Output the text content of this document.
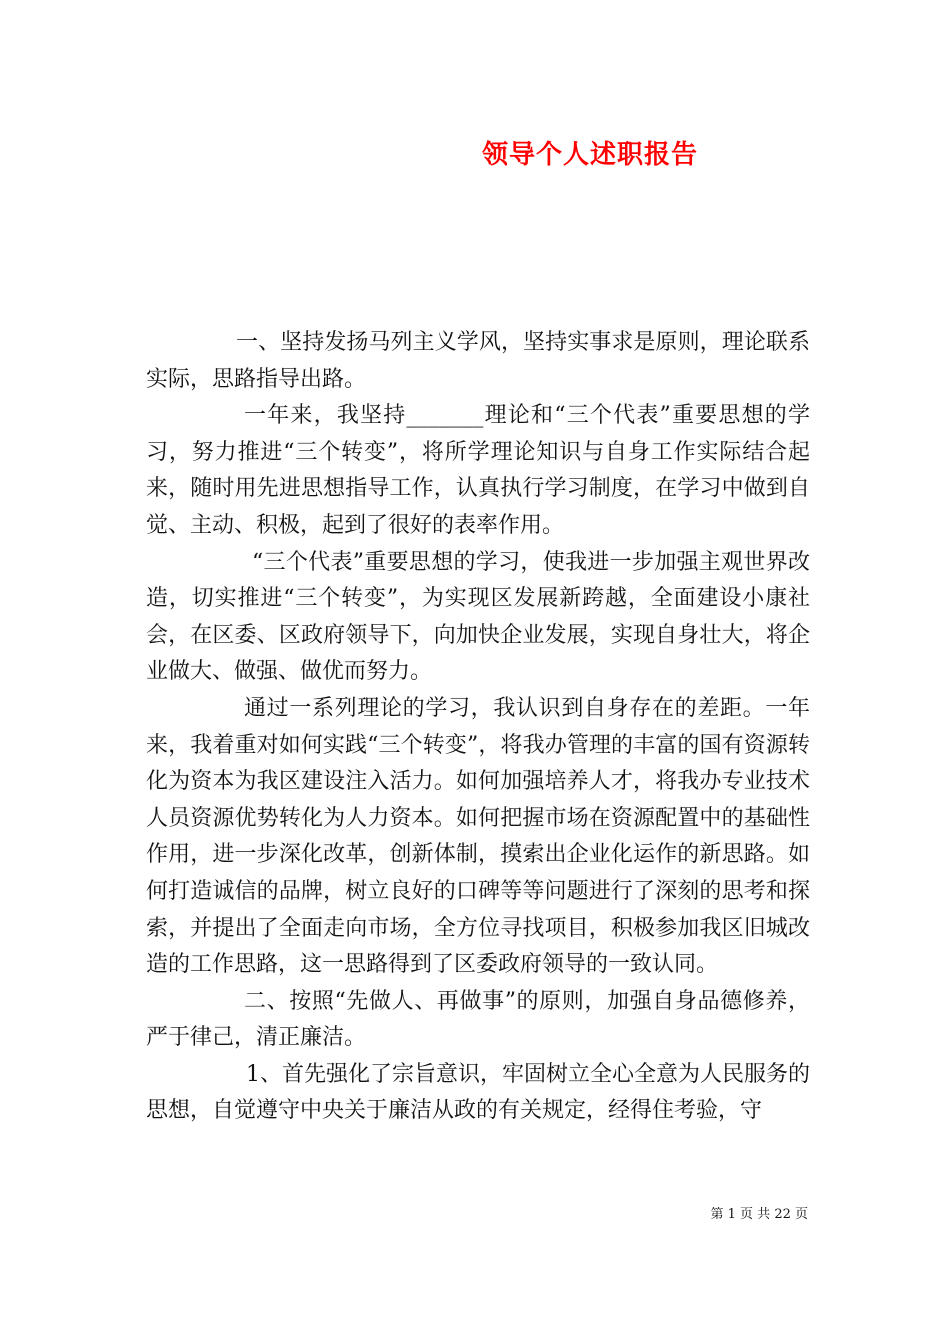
领导个人述职报告

一、坚持发扬马列主义学风，坚持实事求是原则，理论联系实际，思路指导出路。

一年来，我坚持_______理论和“三个代表”重要思想的学习，努力推进“三个转变”，将所学理论知识与自身工作实际结合起来，随时用先进思想指导工作，认真执行学习制度，在学习中做到自觉、主动、积极，起到了很好的表率作用。

“三个代表”重要思想的学习，使我进一步加强主观世界改造，切实推进“三个转变”，为实现区发展新跨越，全面建设小康社会，在区委、区政府领导下，向加快企业发展，实现自身壮大，将企业做大、做强、做优而努力。

通过一系列理论的学习，我认识到自身存在的差距。一年来，我着重对如何实践“三个转变”，将我办管理的丰富的国有资源转化为资本为我区建设注入活力。如何加强培养人才，将我办专业技术人员资源优势转化为人力资本。如何把握市场在资源配置中的基础性作用，进一步深化改革，创新体制，摸索出企业化运作的新思路。如何打造诚信的品牌，树立良好的口碑等等问题进行了深刻的思考和探索，并提出了全面走向市场，全方位寻找项目，积极参加我区旧城改造的工作思路，这一思路得到了区委政府领导的一致认同。

二、按照“先做人、再做事”的原则，加强自身品德修养，严于律己，清正廉洁。

1、首先强化了宗旨意识，牢固树立全心全意为人民服务的思想，自觉遵守中央关于廉洁从政的有关规定，经得住考验，守

第 1 页 共 22 页
